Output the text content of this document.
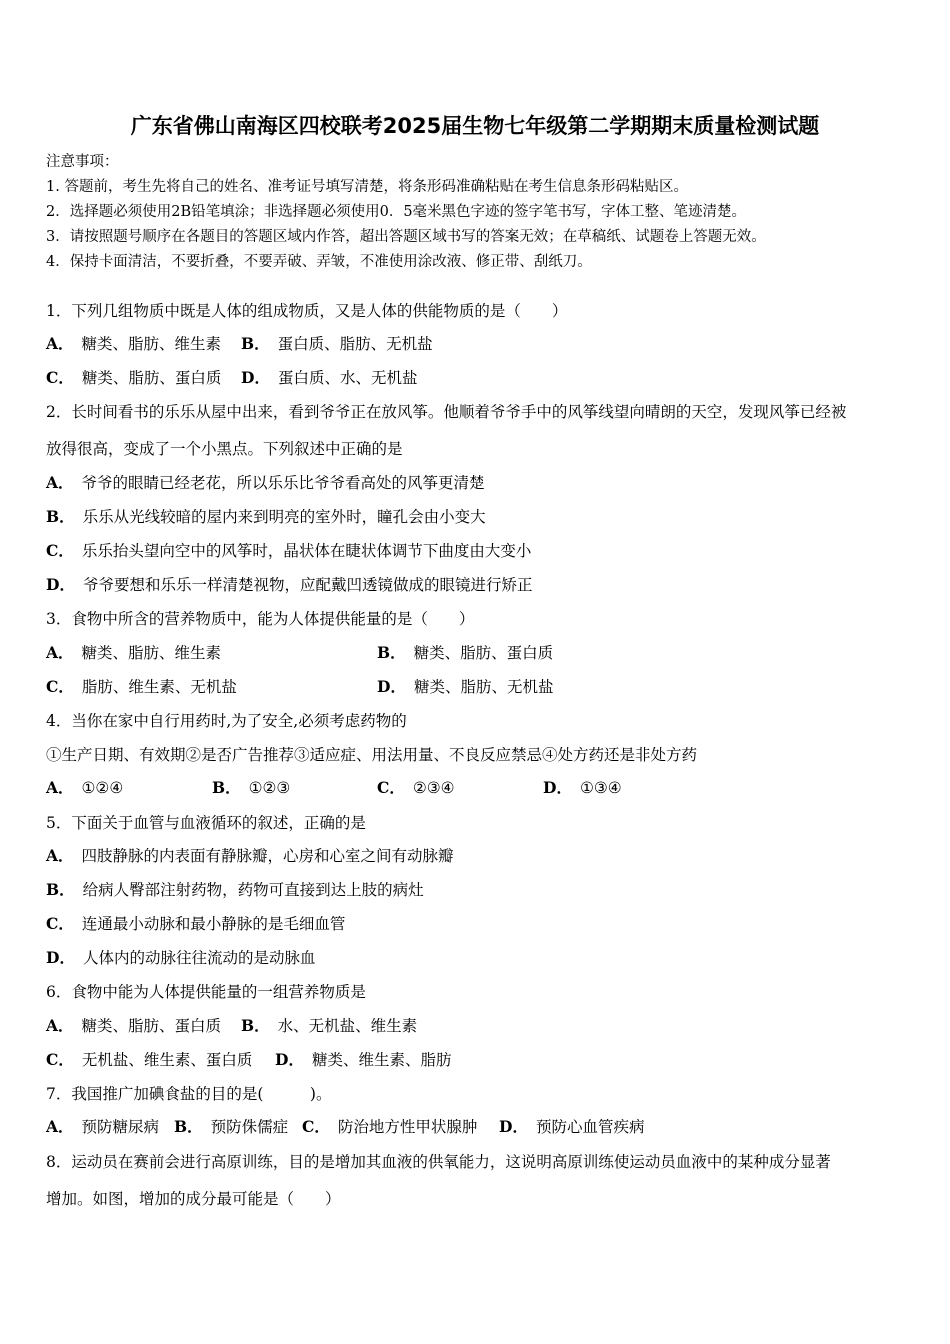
广东省佛山南海区四校联考2025届生物七年级第二学期期末质量检测试题
注意事项：
1. 答题前，考生先将自己的姓名、准考证号填写清楚，将条形码准确粘贴在考生信息条形码粘贴区。
2．选择题必须使用2B铅笔填涂；非选择题必须使用0．5毫米黑色字迹的签字笔书写，字体工整、笔迹清楚。
3．请按照题号顺序在各题目的答题区域内作答，超出答题区域书写的答案无效；在草稿纸、试题卷上答题无效。
4．保持卡面清洁，不要折叠，不要弄破、弄皱，不准使用涂改液、修正带、刮纸刀。
1．下列几组物质中既是人体的组成物质，又是人体的供能物质的是（　　）
A． 糖类、脂肪、维生素 B． 蛋白质、脂肪、无机盐
C． 糖类、脂肪、蛋白质 D． 蛋白质、水、无机盐
2．长时间看书的乐乐从屋中出来，看到爷爷正在放风筝。他顺着爷爷手中的风筝线望向晴朗的天空，发现风筝已经被
放得很高，变成了一个小黑点。下列叙述中正确的是
A． 爷爷的眼睛已经老花，所以乐乐比爷爷看高处的风筝更清楚
B． 乐乐从光线较暗的屋内来到明亮的室外时，瞳孔会由小变大
C． 乐乐抬头望向空中的风筝时，晶状体在睫状体调节下曲度由大变小
D． 爷爷要想和乐乐一样清楚视物，应配戴凹透镜做成的眼镜进行矫正
3．食物中所含的营养物质中，能为人体提供能量的是（　　）
A． 糖类、脂肪、维生素	B． 糖类、脂肪、蛋白质
C． 脂肪、维生素、无机盐	D． 糖类、脂肪、无机盐
4．当你在家中自行用药时,为了安全,必须考虑药物的
①生产日期、有效期②是否广告推荐③适应症、用法用量、不良反应禁忌④处方药还是非处方药
A． ①②④	B． ①②③	C． ②③④	D． ①③④
5．下面关于血管与血液循环的叙述，正确的是
A． 四肢静脉的内表面有静脉瓣，心房和心室之间有动脉瓣
B． 给病人臀部注射药物，药物可直接到达上肢的病灶
C． 连通最小动脉和最小静脉的是毛细血管
D． 人体内的动脉往往流动的是动脉血
6．食物中能为人体提供能量的一组营养物质是
A． 糖类、脂肪、蛋白质 B． 水、无机盐、维生素
C． 无机盐、维生素、蛋白质 D． 糖类、维生素、脂肪
7．我国推广加碘食盐的目的是(　　　)。
A． 预防糖尿病 B． 预防侏儒症 C． 防治地方性甲状腺肿 D． 预防心血管疾病
8．运动员在赛前会进行高原训练，目的是增加其血液的供氧能力，这说明高原训练使运动员血液中的某种成分显著
增加。如图，增加的成分最可能是（　　）
